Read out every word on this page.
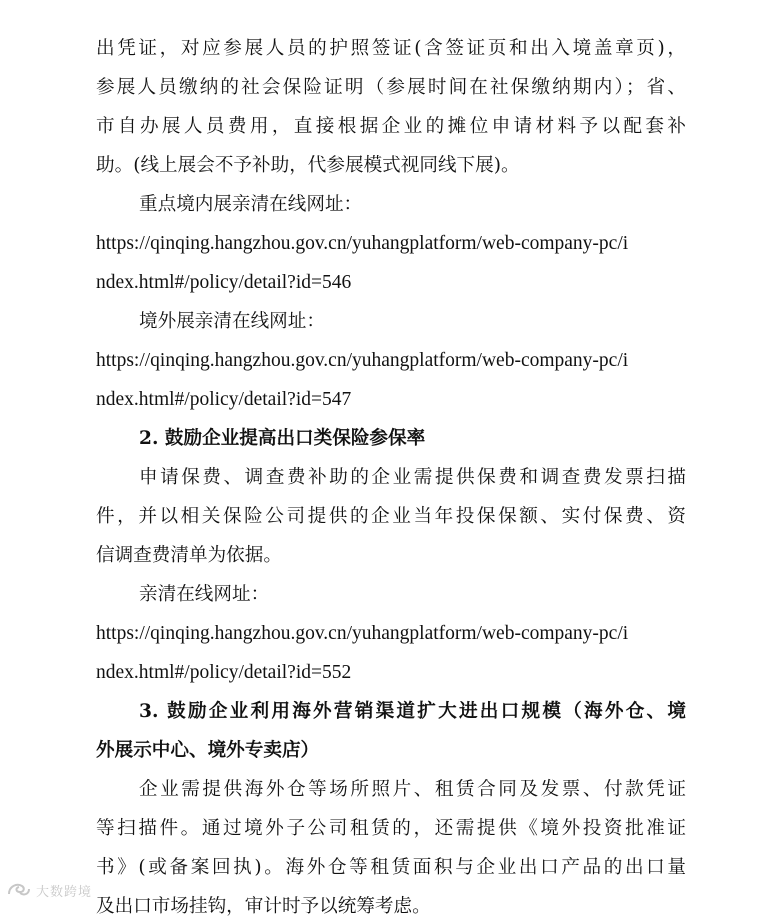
出凭证，对应参展人员的护照签证(含签证页和出入境盖章页)，
参展人员缴纳的社会保险证明（参展时间在社保缴纳期内）；省、
市自办展人员费用，直接根据企业的摊位申请材料予以配套补
助。(线上展会不予补助，代参展模式视同线下展)。
重点境内展亲清在线网址：
https://qinqing.hangzhou.gov.cn/yuhangplatform/web-company-pc/i
ndex.html#/policy/detail?id=546
境外展亲清在线网址：
https://qinqing.hangzhou.gov.cn/yuhangplatform/web-company-pc/i
ndex.html#/policy/detail?id=547
2. 鼓励企业提高出口类保险参保率
申请保费、调查费补助的企业需提供保费和调查费发票扫描
件，并以相关保险公司提供的企业当年投保保额、实付保费、资
信调查费清单为依据。
亲清在线网址：
https://qinqing.hangzhou.gov.cn/yuhangplatform/web-company-pc/i
ndex.html#/policy/detail?id=552
3. 鼓励企业利用海外营销渠道扩大进出口规模（海外仓、境
外展示中心、境外专卖店）
企业需提供海外仓等场所照片、租赁合同及发票、付款凭证
等扫描件。通过境外子公司租赁的，还需提供《境外投资批准证
书》(或备案回执)。海外仓等租赁面积与企业出口产品的出口量
及出口市场挂钩，审计时予以统筹考虑。
大数跨境
